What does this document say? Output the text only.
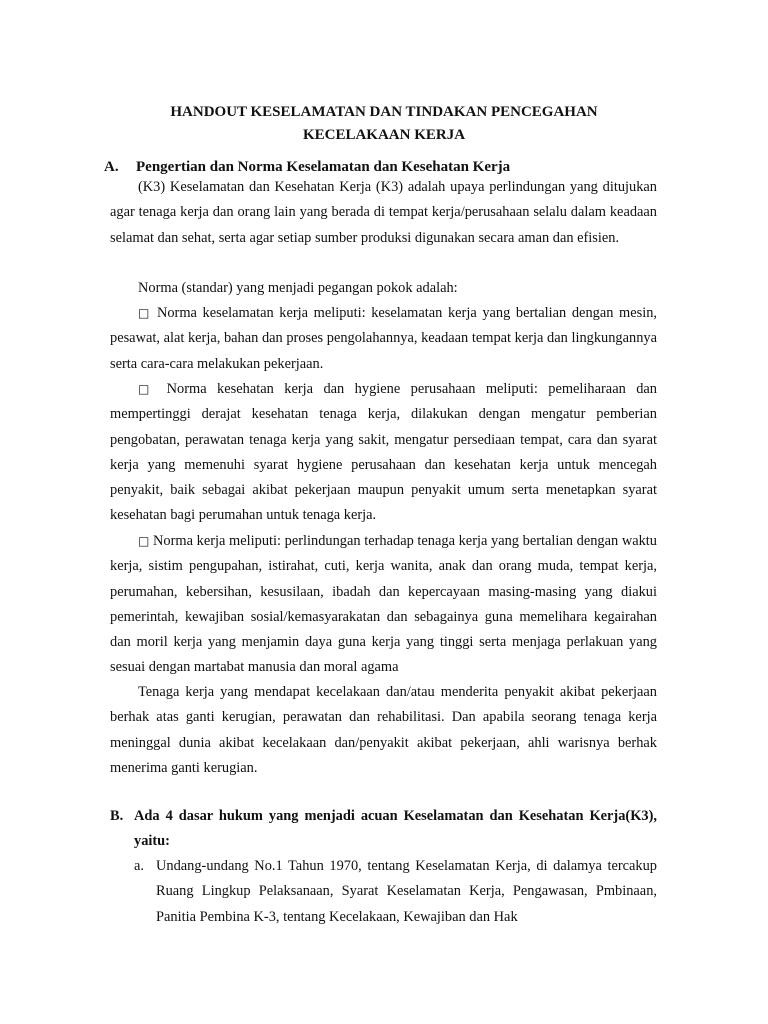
HANDOUT KESELAMATAN DAN TINDAKAN PENCEGAHAN
KECELAKAAN KERJA
A. Pengertian dan Norma Keselamatan dan Kesehatan Kerja

(K3) Keselamatan dan Kesehatan Kerja (K3) adalah upaya perlindungan yang ditujukan agar tenaga kerja dan orang lain yang berada di tempat kerja/perusahaan selalu dalam keadaan selamat dan sehat, serta agar setiap sumber produksi digunakan secara aman dan efisien.

Norma (standar) yang menjadi pegangan pokok adalah:

□ Norma keselamatan kerja meliputi: keselamatan kerja yang bertalian dengan mesin, pesawat, alat kerja, bahan dan proses pengolahannya, keadaan tempat kerja dan lingkungannya serta cara-cara melakukan pekerjaan.

□ Norma kesehatan kerja dan hygiene perusahaan meliputi: pemeliharaan dan mempertinggi derajat kesehatan tenaga kerja, dilakukan dengan mengatur pemberian pengobatan, perawatan tenaga kerja yang sakit, mengatur persediaan tempat, cara dan syarat kerja yang memenuhi syarat hygiene perusahaan dan kesehatan kerja untuk mencegah penyakit, baik sebagai akibat pekerjaan maupun penyakit umum serta menetapkan syarat kesehatan bagi perumahan untuk tenaga kerja.

□ Norma kerja meliputi: perlindungan terhadap tenaga kerja yang bertalian dengan waktu kerja, sistim pengupahan, istirahat, cuti, kerja wanita, anak dan orang muda, tempat kerja, perumahan, kebersihan, kesusilaan, ibadah dan kepercayaan masing-masing yang diakui pemerintah, kewajiban sosial/kemasyarakatan dan sebagainya guna memelihara kegairahan dan moril kerja yang menjamin daya guna kerja yang tinggi serta menjaga perlakuan yang sesuai dengan martabat manusia dan moral agama

Tenaga kerja yang mendapat kecelakaan dan/atau menderita penyakit akibat pekerjaan berhak atas ganti kerugian, perawatan dan rehabilitasi. Dan apabila seorang tenaga kerja meninggal dunia akibat kecelakaan dan/penyakit akibat pekerjaan, ahli warisnya berhak menerima ganti kerugian.

B. Ada 4 dasar hukum yang menjadi acuan Keselamatan dan Kesehatan Kerja(K3), yaitu:
a. Undang-undang No.1 Tahun 1970, tentang Keselamatan Kerja, di dalamya tercakup Ruang Lingkup Pelaksanaan, Syarat Keselamatan Kerja, Pengawasan, Pmbinaan, Panitia Pembina K-3, tentang Kecelakaan, Kewajiban dan Hak
